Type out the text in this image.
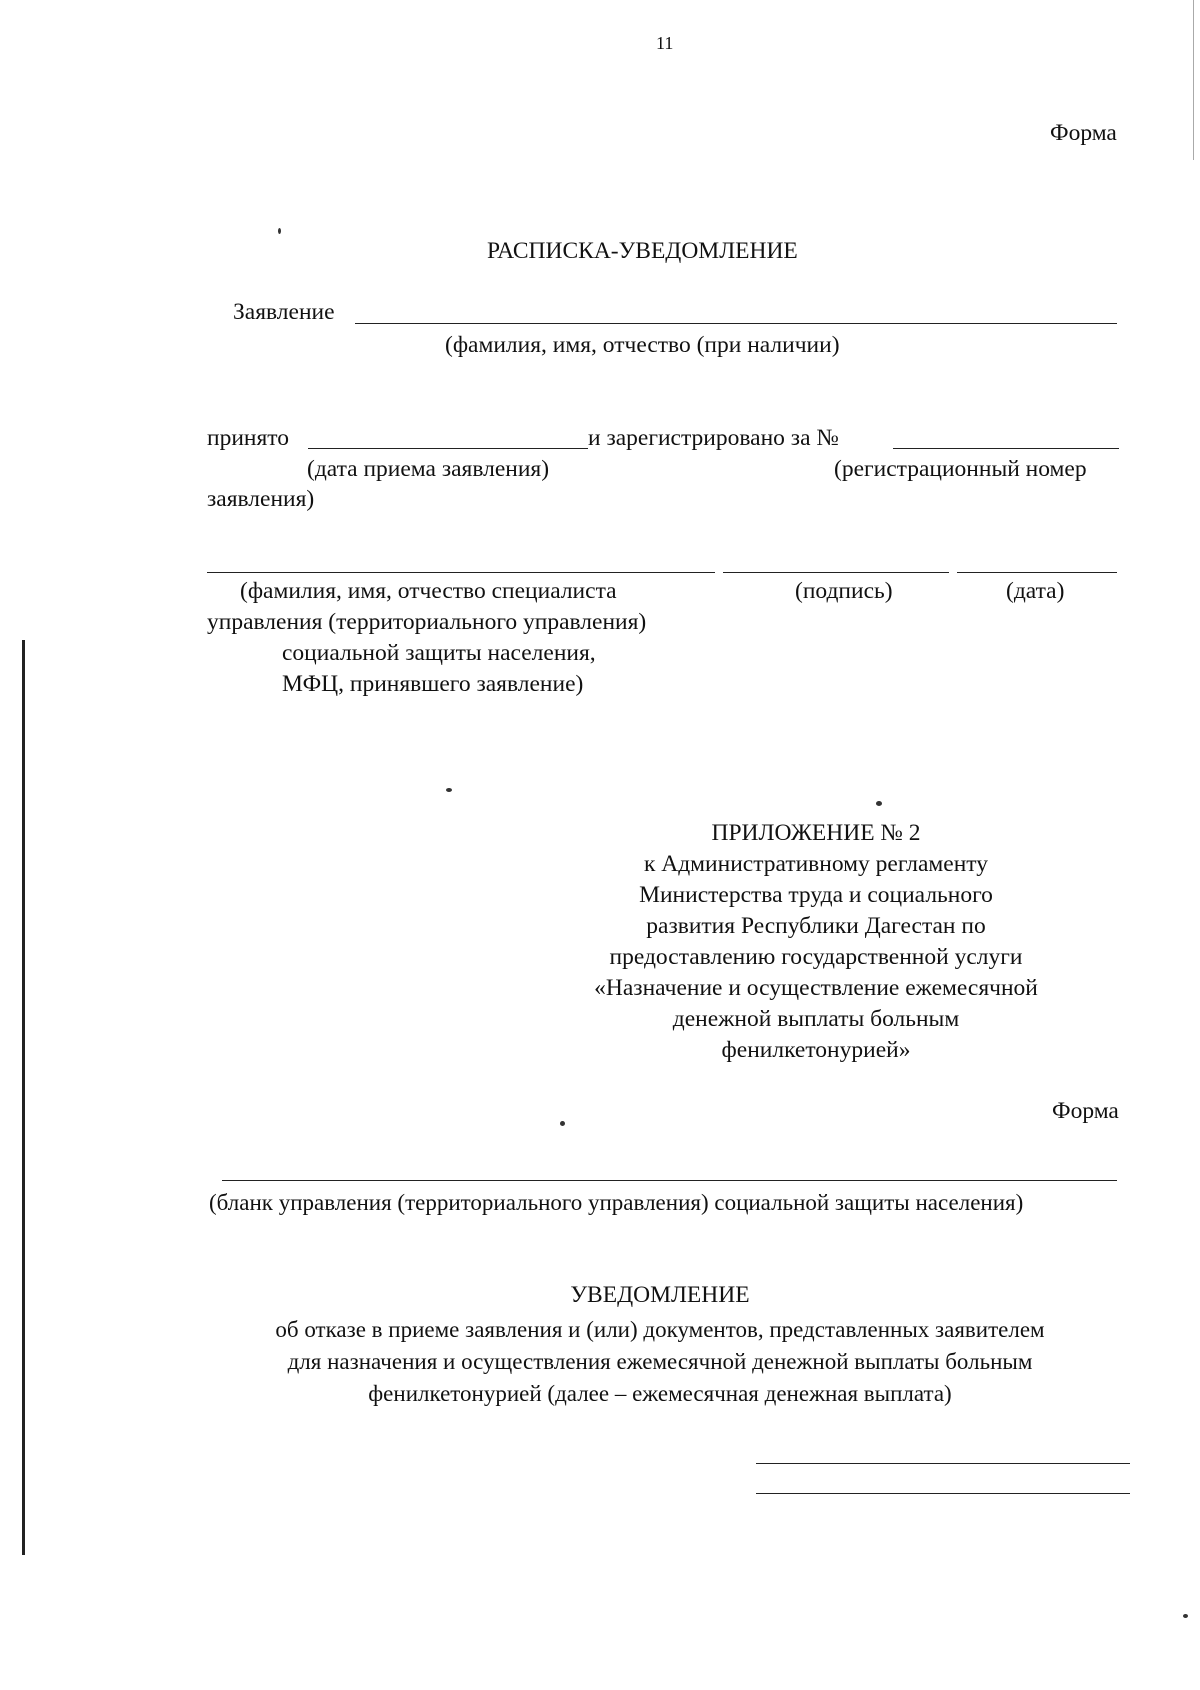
11
Форма
РАСПИСКА-УВЕДОМЛЕНИЕ
Заявление
(фамилия, имя, отчество (при наличии)
принято	и зарегистрировано за №
(дата приема заявления)	(регистрационный номер
заявления)
(фамилия, имя, отчество специалиста
управления (территориального управления)
социальной защиты населения,
МФЦ, принявшего заявление)
(подпись)	(дата)
ПРИЛОЖЕНИЕ № 2
к Административному регламенту
Министерства труда и социального
развития Республики Дагестан по
предоставлению государственной услуги
«Назначение и осуществление ежемесячной
денежной выплаты больным
фенилкетонурией»
Форма
(бланк управления (территориального управления) социальной защиты населения)
УВЕДОМЛЕНИЕ
об отказе в приеме заявления и (или) документов, представленных заявителем
для назначения и осуществления ежемесячной денежной выплаты больным
фенилкетонурией (далее – ежемесячная денежная выплата)
